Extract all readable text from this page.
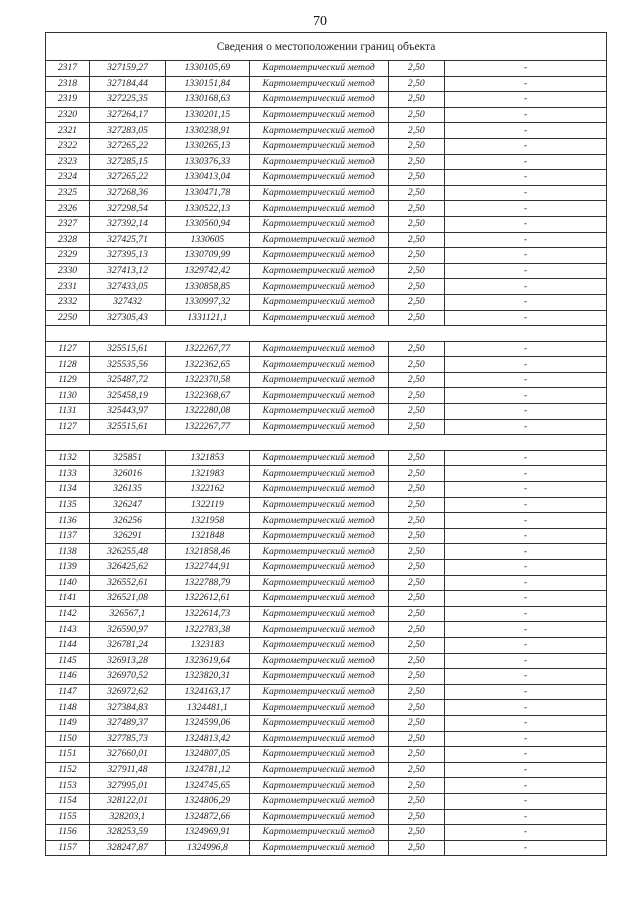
70
Сведения о местоположении границ объекта					
2317	327159,27	1330105,69	Картометрический метод	2,50	-
2318	327184,44	1330151,84	Картометрический метод	2,50	-
2319	327225,35	1330168,63	Картометрический метод	2,50	-
2320	327264,17	1330201,15	Картометрический метод	2,50	-
2321	327283,05	1330238,91	Картометрический метод	2,50	-
2322	327265,22	1330265,13	Картометрический метод	2,50	-
2323	327285,15	1330376,33	Картометрический метод	2,50	-
2324	327265,22	1330413,04	Картометрический метод	2,50	-
2325	327268,36	1330471,78	Картометрический метод	2,50	-
2326	327298,54	1330522,13	Картометрический метод	2,50	-
2327	327392,14	1330560,94	Картометрический метод	2,50	-
2328	327425,71	1330605	Картометрический метод	2,50	-
2329	327395,13	1330709,99	Картометрический метод	2,50	-
2330	327413,12	1329742,42	Картометрический метод	2,50	-
2331	327433,05	1330858,85	Картометрический метод	2,50	-
2332	327432	1330997,32	Картометрический метод	2,50	-
2250	327305,43	1331121,1	Картометрический метод	2,50	-

1127	325515,61	1322267,77	Картометрический метод	2,50	-
1128	325535,56	1322362,65	Картометрический метод	2,50	-
1129	325487,72	1322370,58	Картометрический метод	2,50	-
1130	325458,19	1322368,67	Картометрический метод	2,50	-
1131	325443,97	1322280,08	Картометрический метод	2,50	-
1127	325515,61	1322267,77	Картометрический метод	2,50	-

1132	325851	1321853	Картометрический метод	2,50	-
1133	326016	1321983	Картометрический метод	2,50	-
1134	326135	1322162	Картометрический метод	2,50	-
1135	326247	1322119	Картометрический метод	2,50	-
1136	326256	1321958	Картометрический метод	2,50	-
1137	326291	1321848	Картометрический метод	2,50	-
1138	326255,48	1321858,46	Картометрический метод	2,50	-
1139	326425,62	1322744,91	Картометрический метод	2,50	-
1140	326552,61	1322788,79	Картометрический метод	2,50	-
1141	326521,08	1322612,61	Картометрический метод	2,50	-
1142	326567,1	1322614,73	Картометрический метод	2,50	-
1143	326590,97	1322783,38	Картометрический метод	2,50	-
1144	326781,24	1323183	Картометрический метод	2,50	-
1145	326913,28	1323619,64	Картометрический метод	2,50	-
1146	326970,52	1323820,31	Картометрический метод	2,50	-
1147	326972,62	1324163,17	Картометрический метод	2,50	-
1148	327384,83	1324481,1	Картометрический метод	2,50	-
1149	327489,37	1324599,06	Картометрический метод	2,50	-
1150	327785,73	1324813,42	Картометрический метод	2,50	-
1151	327660,01	1324807,05	Картометрический метод	2,50	-
1152	327911,48	1324781,12	Картометрический метод	2,50	-
1153	327995,01	1324745,65	Картометрический метод	2,50	-
1154	328122,01	1324806,29	Картометрический метод	2,50	-
1155	328203,1	1324872,66	Картометрический метод	2,50	-
1156	328253,59	1324969,91	Картометрический метод	2,50	-
1157	328247,87	1324996,8	Картометрический метод	2,50	-
